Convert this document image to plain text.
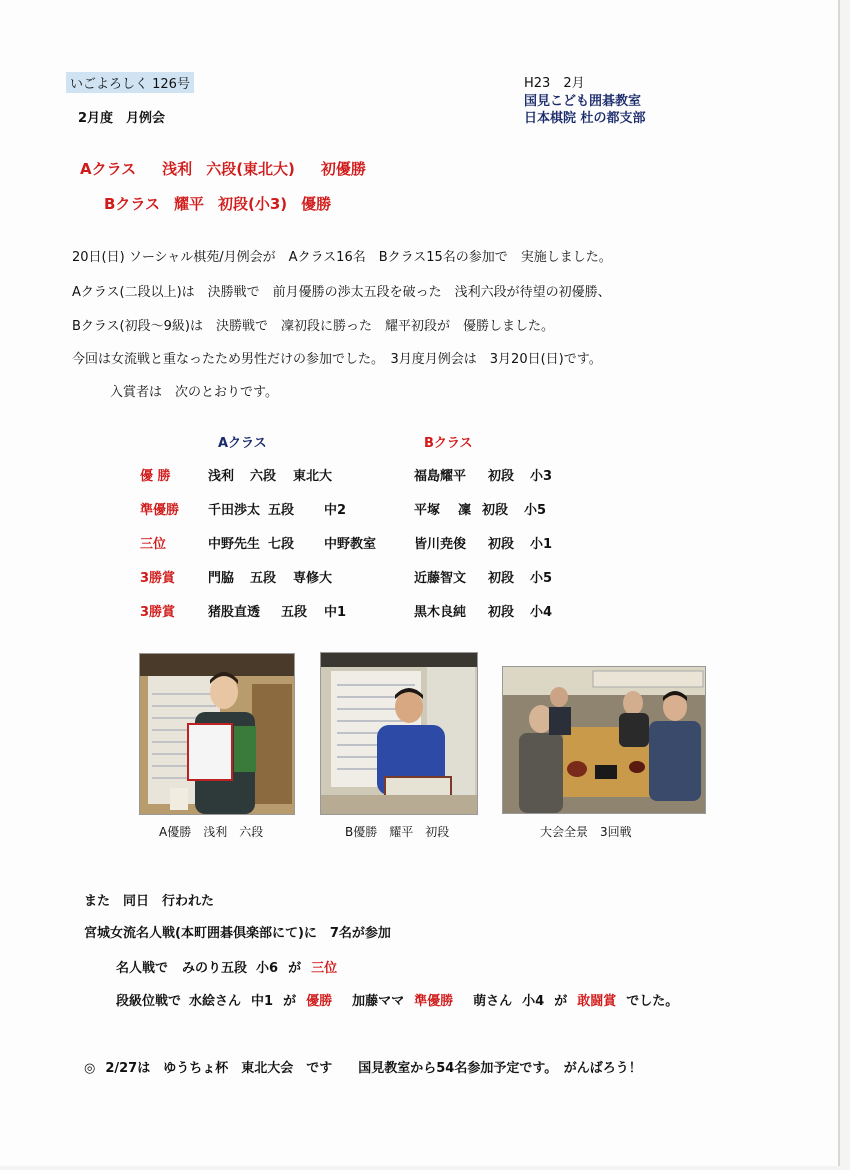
いごよろしく 126号
2月度　月例会
H23　2月
国見こども囲碁教室
日本棋院 杜の都支部
Aクラス 浅利 六段(東北大) 初優勝
Bクラス 耀平 初段(小3) 優勝
20日(日) ソーシャル棋苑/月例会が　Aクラス16名　Bクラス15名の参加で　実施しました。
Aクラス(二段以上)は　決勝戦で　前月優勝の渉太五段を破った　浅利六段が待望の初優勝、
Bクラス(初段～9級)は　決勝戦で　凜初段に勝った　耀平初段が　優勝しました。
今回は女流戦と重なったため男性だけの参加でした。　3月度月例会は　3月20日(日)です。
入賞者は　次のとおりです。
Aクラス	Bクラス
優 勝	浅利 六段 東北大	福島耀平 初段 小3
準優勝 千田渉太 五段 中2	平塚 凜 初段 小5
三位	中野先生 七段 中野教室	皆川尭俊 初段 小1
3勝賞	門脇 五段 専修大	近藤智文 初段 小5
3勝賞	猪股直透 五段 中1	黒木良純 初段 小4
A優勝　浅利　六段	B優勝　耀平　初段	大会全景　3回戦
また　同日　行われた
宮城女流名人戦(本町囲碁倶楽部にて)に　7名が参加
名人戦で みのり五段 小6 が 三位
段級位戦で 水絵さん 中1 が 優勝 加藤ママ 準優勝 萌さん 小4 が 敢闘賞 でした。
◎ 2/27は　ゆうちょ杯　東北大会　です　　国見教室から54名参加予定です。　がんばろう！
